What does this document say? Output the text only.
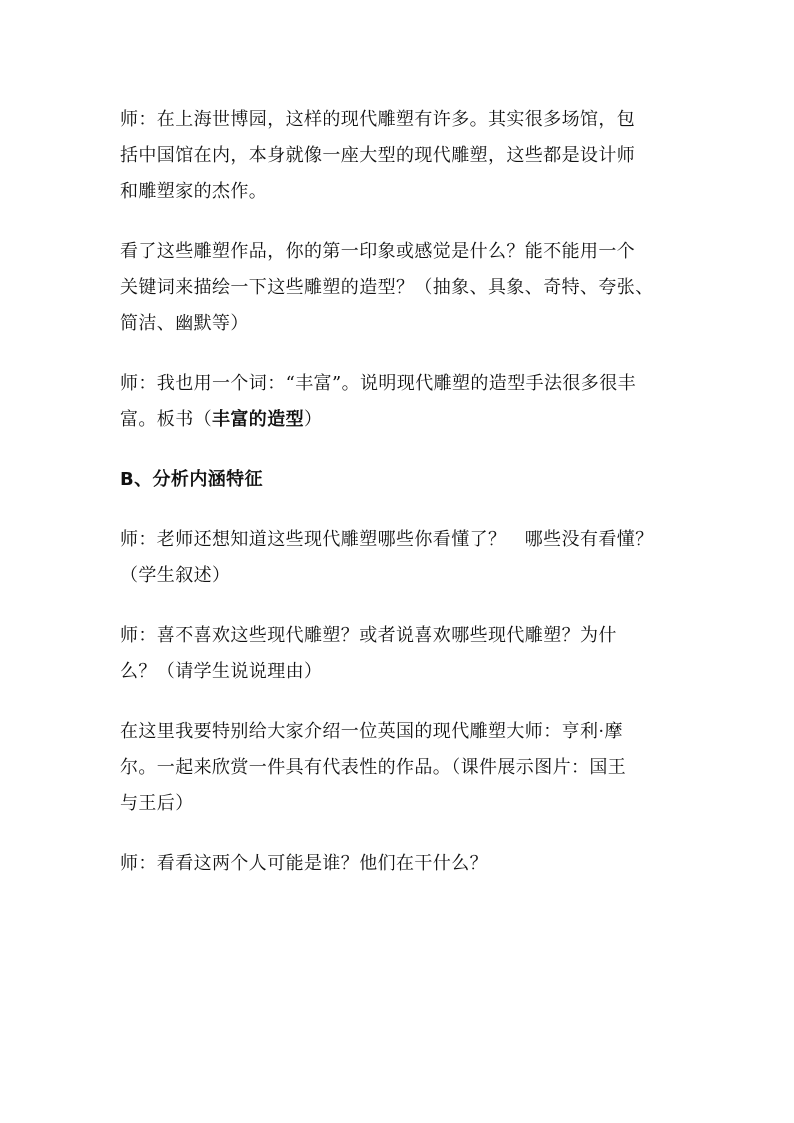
师：在上海世博园，这样的现代雕塑有许多。其实很多场馆，包
括中国馆在内，本身就像一座大型的现代雕塑，这些都是设计师
和雕塑家的杰作。

看了这些雕塑作品，你的第一印象或感觉是什么？能不能用一个
关键词来描绘一下这些雕塑的造型？（抽象、具象、奇特、夸张、
简洁、幽默等）

师：我也用一个词：“丰富”。说明现代雕塑的造型手法很多很丰
富。板书（丰富的造型）

B、分析内涵特征

师：老师还想知道这些现代雕塑哪些你看懂了？   哪些没有看懂？
（学生叙述）

师：喜不喜欢这些现代雕塑？或者说喜欢哪些现代雕塑？为什
么？（请学生说说理由）

在这里我要特别给大家介绍一位英国的现代雕塑大师：亨利·摩
尔。一起来欣赏一件具有代表性的作品。（课件展示图片：国王
与王后）

师：看看这两个人可能是谁？他们在干什么？
